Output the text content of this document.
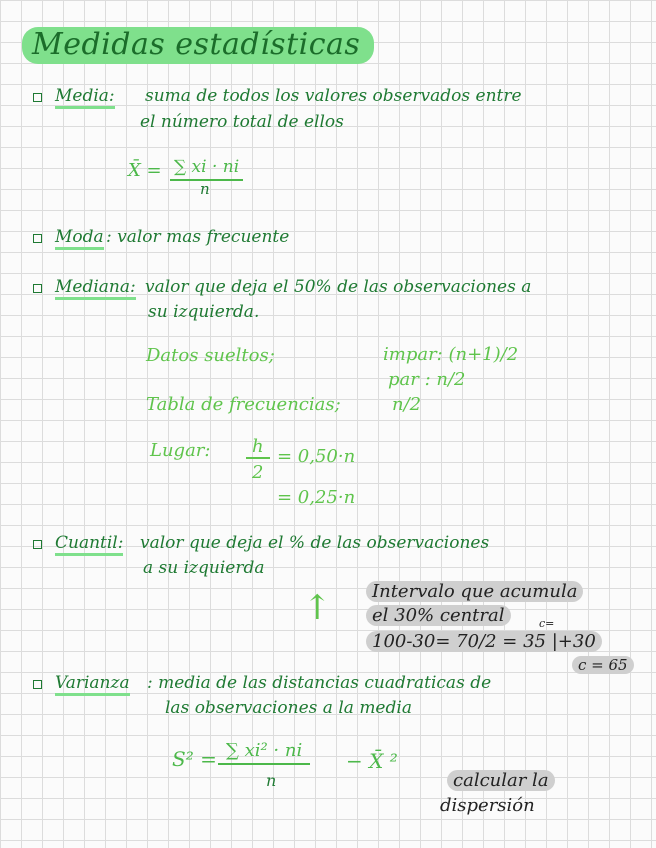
Medidas estadísticas
Media: suma de todos los valores observados entre
el número total de ellos
X̄ = ∑ xi · ni
n
Moda : valor mas frecuente
Mediana: valor que deja el 50% de las observaciones a
su izquierda.
Datos sueltos;	impar: (n+1)/2
par : n/2
Tabla de frecuencias;	n/2
Lugar:	h
2
= 0,50·n
= 0,25·n
Cuantil: valor que deja el % de las observaciones
a su izquierda
↑	Intervalo que acumula
el 30% central	c=
100-30= 70/2 = 35 |+30
c = 65
Varianza : media de las distancias cuadraticas de
las observaciones a la media
S² = ∑ xi² · ni
n
− X̄ ²
calcular la
dispersión
